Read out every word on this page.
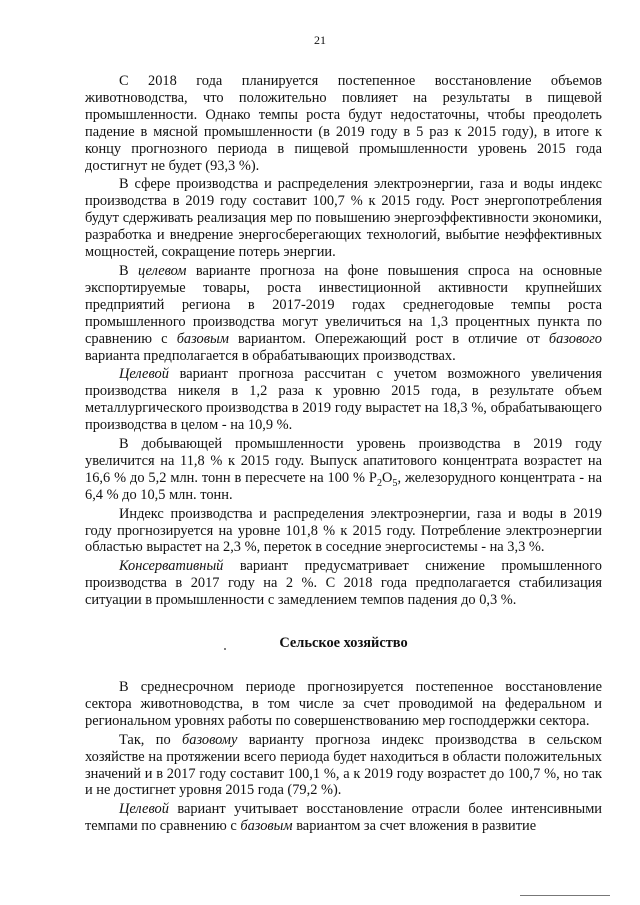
21

С 2018 года планируется постепенное восстановление объемов животноводства, что положительно повлияет на результаты в пищевой промышленности. Однако темпы роста будут недостаточны, чтобы преодолеть падение в мясной промышленности (в 2019 году в 5 раз к 2015 году), в итоге к концу прогнозного периода в пищевой промышленности уровень 2015 года достигнут не будет (93,3 %).

В сфере производства и распределения электроэнергии, газа и воды индекс производства в 2019 году составит 100,7 % к 2015 году. Рост энергопотребления будут сдерживать реализация мер по повышению энергоэффективности экономики, разработка и внедрение энергосберегающих технологий, выбытие неэффективных мощностей, сокращение потерь энергии.

В целевом варианте прогноза на фоне повышения спроса на основные экспортируемые товары, роста инвестиционной активности крупнейших предприятий региона в 2017-2019 годах среднегодовые темпы роста промышленного производства могут увеличиться на 1,3 процентных пункта по сравнению с базовым вариантом. Опережающий рост в отличие от базового варианта предполагается в обрабатывающих производствах.

Целевой вариант прогноза рассчитан с учетом возможного увеличения производства никеля в 1,2 раза к уровню 2015 года, в результате объем металлургического производства в 2019 году вырастет на 18,3 %, обрабатывающего производства в целом - на 10,9 %.

В добывающей промышленности уровень производства в 2019 году увеличится на 11,8 % к 2015 году. Выпуск апатитового концентрата возрастет на 16,6 % до 5,2 млн. тонн в пересчете на 100 % $P_2O_5$, железорудного концентрата - на 6,4 % до 10,5 млн. тонн.

Индекс производства и распределения электроэнергии, газа и воды в 2019 году прогнозируется на уровне 101,8 % к 2015 году. Потребление электроэнергии областью вырастет на 2,3 %, переток в соседние энергосистемы - на 3,3 %.

Консервативный вариант предусматривает снижение промышленного производства в 2017 году на 2 %. С 2018 года предполагается стабилизация ситуации в промышленности с замедлением темпов падения до 0,3 %.

Сельское хозяйство

В среднесрочном периоде прогнозируется постепенное восстановление сектора животноводства, в том числе за счет проводимой на федеральном и региональном уровнях работы по совершенствованию мер господдержки сектора.

Так, по базовому варианту прогноза индекс производства в сельском хозяйстве на протяжении всего периода будет находиться в области положительных значений и в 2017 году составит 100,1 %, а к 2019 году возрастет до 100,7 %, но так и не достигнет уровня 2015 года (79,2 %).

Целевой вариант учитывает восстановление отрасли более интенсивными темпами по сравнению с базовым вариантом за счет вложения в развитие
